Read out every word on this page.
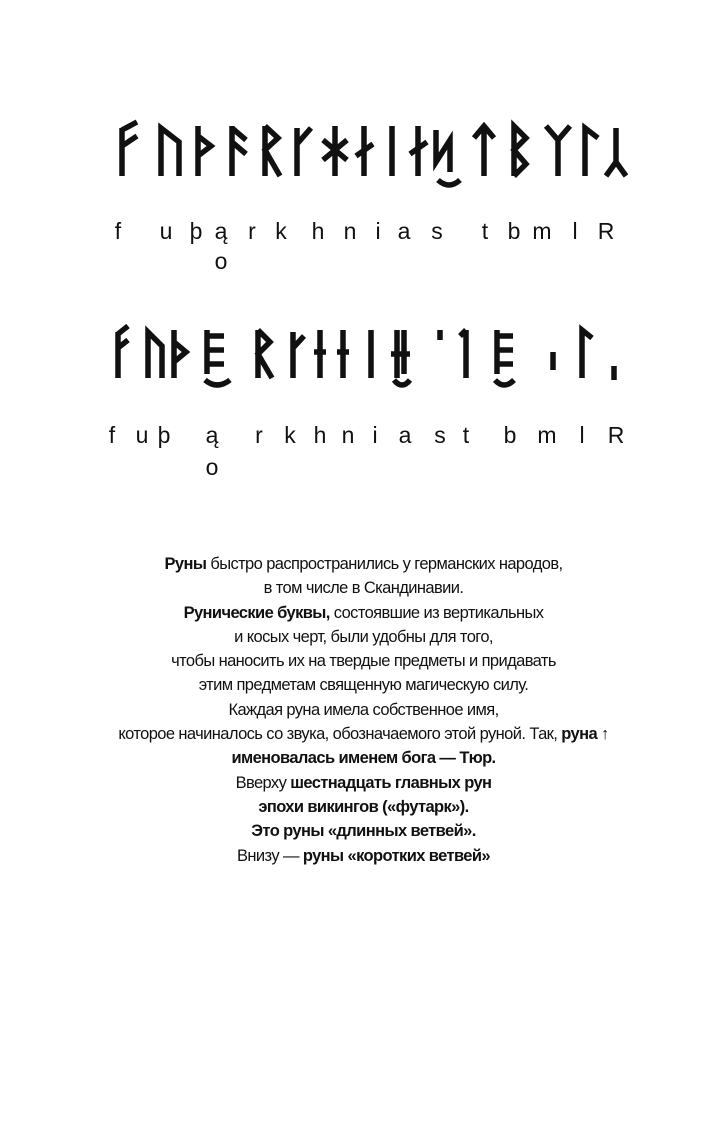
f u þ ą
o
r k h n i a s t b m l R
f u þ ą
o
r k h n i a s t b m l R
Руны быстро распространились у германских народов,
в том числе в Скандинавии.
Рунические буквы, состоявшие из вертикальных
и косых черт, были удобны для того,
чтобы наносить их на твердые предметы и придавать
этим предметам священную магическую силу.
Каждая руна имела собственное имя,
которое начиналось со звука, обозначаемого этой руной. Так, руна ↑
именовалась именем бога — Тюр.
Вверху шестнадцать главных рун
эпохи викингов («футарк»).
Это руны «длинных ветвей».
Внизу — руны «коротких ветвей»
